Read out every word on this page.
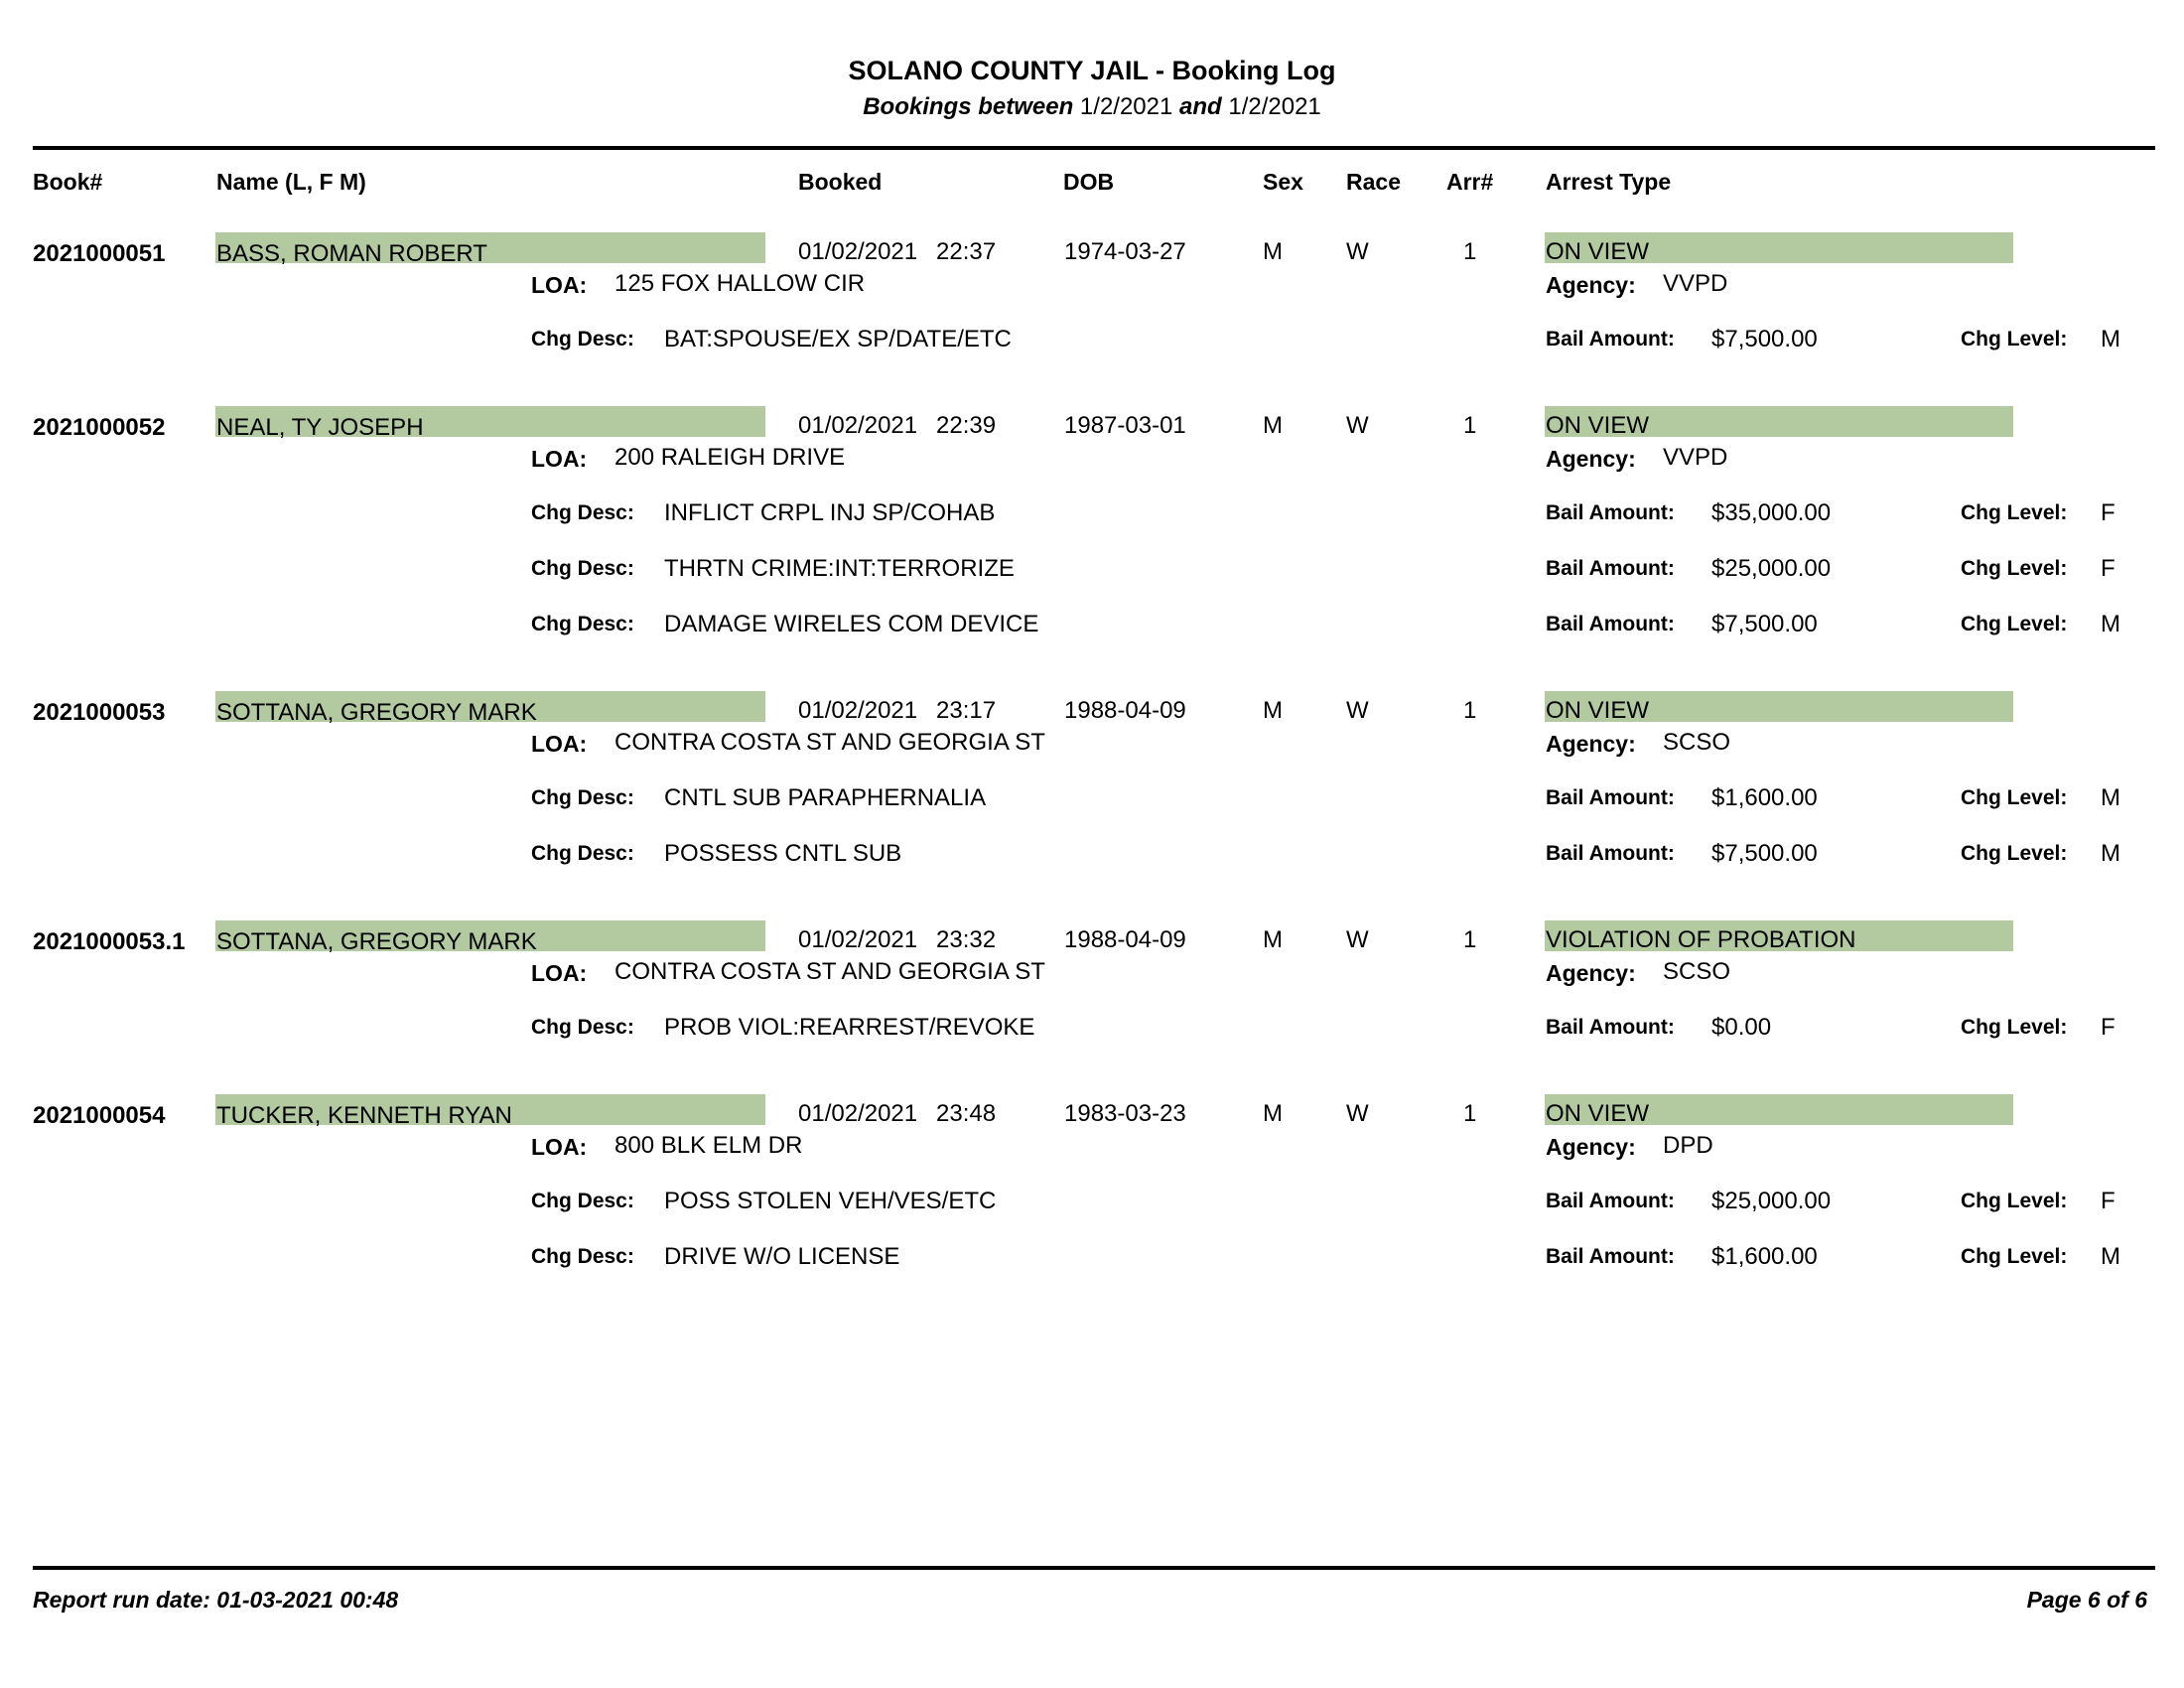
SOLANO COUNTY JAIL - Booking Log
Bookings between 1/2/2021 and 1/2/2021
Book#	Name (L, F M)	Booked	DOB	Sex Race Arr# Arrest Type
2021000051 BASS, ROMAN ROBERT	01/02/2021 22:37	1974-03-27	M	W	1	ON VIEW
LOA: 125 FOX HALLOW CIR	Agency: VVPD
Chg Desc: BAT:SPOUSE/EX SP/DATE/ETC	Bail Amount: $7,500.00	Chg Level: M
2021000052 NEAL, TY JOSEPH	01/02/2021 22:39	1987-03-01	M	W	1	ON VIEW
LOA: 200 RALEIGH DRIVE	Agency: VVPD
Chg Desc: INFLICT CRPL INJ SP/COHAB	Bail Amount: $35,000.00	Chg Level: F
Chg Desc: THRTN CRIME:INT:TERRORIZE	Bail Amount: $25,000.00	Chg Level: F
Chg Desc: DAMAGE WIRELES COM DEVICE	Bail Amount: $7,500.00	Chg Level: M
2021000053 SOTTANA, GREGORY MARK	01/02/2021 23:17	1988-04-09	M	W	1	ON VIEW
LOA: CONTRA COSTA ST AND GEORGIA ST	Agency: SCSO
Chg Desc: CNTL SUB PARAPHERNALIA	Bail Amount: $1,600.00	Chg Level: M
Chg Desc: POSSESS CNTL SUB	Bail Amount: $7,500.00	Chg Level: M
2021000053.1 SOTTANA, GREGORY MARK	01/02/2021 23:32	1988-04-09	M	W	1	VIOLATION OF PROBATION
LOA: CONTRA COSTA ST AND GEORGIA ST	Agency: SCSO
Chg Desc: PROB VIOL:REARREST/REVOKE	Bail Amount: $0.00	Chg Level: F
2021000054 TUCKER, KENNETH RYAN	01/02/2021 23:48	1983-03-23	M	W	1	ON VIEW
LOA: 800 BLK ELM DR	Agency: DPD
Chg Desc: POSS STOLEN VEH/VES/ETC	Bail Amount: $25,000.00	Chg Level: F
Chg Desc: DRIVE W/O LICENSE	Bail Amount: $1,600.00	Chg Level: M
Report run date: 01-03-2021 00:48	Page 6 of 6
